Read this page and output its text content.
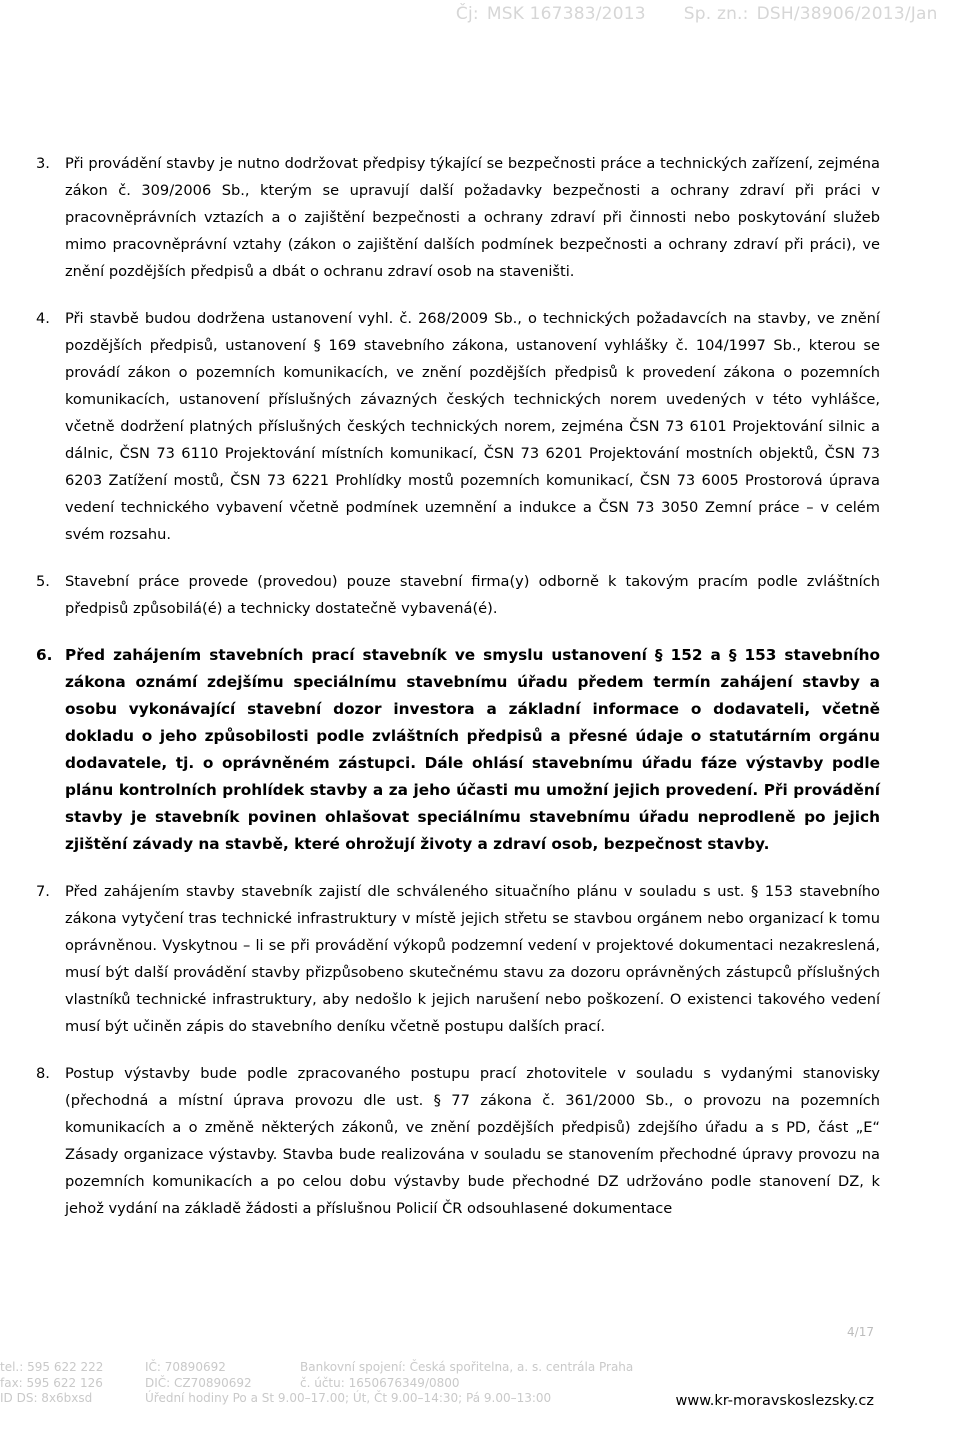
Čj: MSK 167383/2013 Sp. zn.: DSH/38906/2013/Jan
3.	Při provádění stavby je nutno dodržovat předpisy týkající se bezpečnosti práce a technických zařízení, zejména zákon č. 309/2006 Sb., kterým se upravují další požadavky bezpečnosti a ochrany zdraví při práci v pracovněprávních vztazích a o zajištění bezpečnosti a ochrany zdraví při činnosti nebo poskytování služeb mimo pracovněprávní vztahy (zákon o zajištění dalších podmínek bezpečnosti a ochrany zdraví při práci), ve znění pozdějších předpisů a dbát o ochranu zdraví osob na staveništi.
4.	Při stavbě budou dodržena ustanovení vyhl. č. 268/2009 Sb., o technických požadavcích na stavby, ve znění pozdějších předpisů, ustanovení § 169 stavebního zákona, ustanovení vyhlášky č. 104/1997 Sb., kterou se provádí zákon o pozemních komunikacích, ve znění pozdějších předpisů k provedení zákona o pozemních komunikacích, ustanovení příslušných závazných českých technických norem uvedených v této vyhlášce, včetně dodržení platných příslušných českých technických norem, zejména ČSN 73 6101 Projektování silnic a dálnic, ČSN 73 6110 Projektování místních komunikací, ČSN 73 6201 Projektování mostních objektů, ČSN 73 6203 Zatížení mostů, ČSN 73 6221 Prohlídky mostů pozemních komunikací, ČSN 73 6005 Prostorová úprava vedení technického vybavení včetně podmínek uzemnění a indukce a ČSN 73 3050 Zemní práce – v celém svém rozsahu.
5.	Stavební práce provede (provedou) pouze stavební firma(y) odborně k takovým pracím podle zvláštních předpisů způsobilá(é) a technicky dostatečně vybavená(é).
6. Před zahájením stavebních prací stavebník ve smyslu ustanovení § 152 a § 153 stavebního zákona oznámí zdejšímu speciálnímu stavebnímu úřadu předem termín zahájení stavby a osobu vykonávající stavební dozor investora a základní informace o dodavateli, včetně dokladu o jeho způsobilosti podle zvláštních předpisů a přesné údaje o statutárním orgánu dodavatele, tj. o oprávněném zástupci. Dále ohlásí stavebnímu úřadu fáze výstavby podle plánu kontrolních prohlídek stavby a za jeho účasti mu umožní jejich provedení. Při provádění stavby je stavebník povinen ohlašovat speciálnímu stavebnímu úřadu neprodleně po jejich zjištění závady na stavbě, které ohrožují životy a zdraví osob, bezpečnost stavby.
7.	Před zahájením stavby stavebník zajistí dle schváleného situačního plánu v souladu s ust. § 153 stavebního zákona vytyčení tras technické infrastruktury v místě jejich střetu se stavbou orgánem nebo organizací k tomu oprávněnou. Vyskytnou – li se při provádění výkopů podzemní vedení v projektové dokumentaci nezakreslená, musí být další provádění stavby přizpůsobeno skutečnému stavu za dozoru oprávněných zástupců příslušných vlastníků technické infrastruktury, aby nedošlo k jejich narušení nebo poškození. O existenci takového vedení musí být učiněn zápis do stavebního deníku včetně postupu dalších prací.
8.	Postup výstavby bude podle zpracovaného postupu prací zhotovitele v souladu s vydanými stanovisky (přechodná a místní úprava provozu dle ust. § 77 zákona č. 361/2000 Sb., o provozu na pozemních komunikacích a o změně některých zákonů, ve znění pozdějších předpisů) zdejšího úřadu a s PD, část „E“ Zásady organizace výstavby. Stavba bude realizována v souladu se stanovením přechodné úpravy provozu na pozemních komunikacích a po celou dobu výstavby bude přechodné DZ udržováno podle stanovení DZ, k jehož vydání na základě žádosti a příslušnou Policií ČR odsouhlasené dokumentace
4/17
tel.: 595 622 222
fax: 595 622 126
ID DS: 8x6bxsd
IČ: 70890692
DIČ: CZ70890692
Úřední hodiny Po a St 9.00–17.00; Út, Čt 9.00–14:30; Pá 9.00–13:00
Bankovní spojení: Česká spořitelna, a. s. centrála Praha
č. účtu: 1650676349/0800
www.kr-moravskoslezsky.cz
